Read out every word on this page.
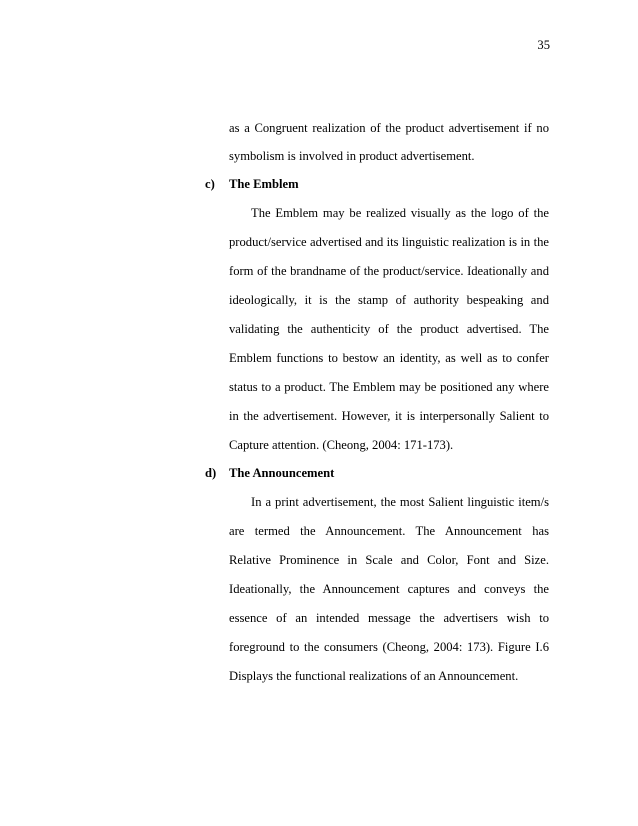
35
as a Congruent realization of the product advertisement if no
symbolism is involved in product advertisement.
c) The Emblem
The Emblem may be realized visually as the logo of the
product/service advertised and its linguistic realization is in the
form of the brandname of the product/service. Ideationally and
ideologically, it is the stamp of authority bespeaking and
validating the authenticity of the product advertised. The
Emblem functions to bestow an identity, as well as to confer
status to a product. The Emblem may be positioned any where
in the advertisement. However, it is interpersonally Salient to
Capture attention. (Cheong, 2004: 171-173).
d) The Announcement
In a print advertisement, the most Salient linguistic item/s
are termed the Announcement. The Announcement has
Relative Prominence in Scale and Color, Font and Size.
Ideationally, the Announcement captures and conveys the
essence of an intended message the advertisers wish to
foreground to the consumers (Cheong, 2004: 173). Figure I.6
Displays the functional realizations of an Announcement.
